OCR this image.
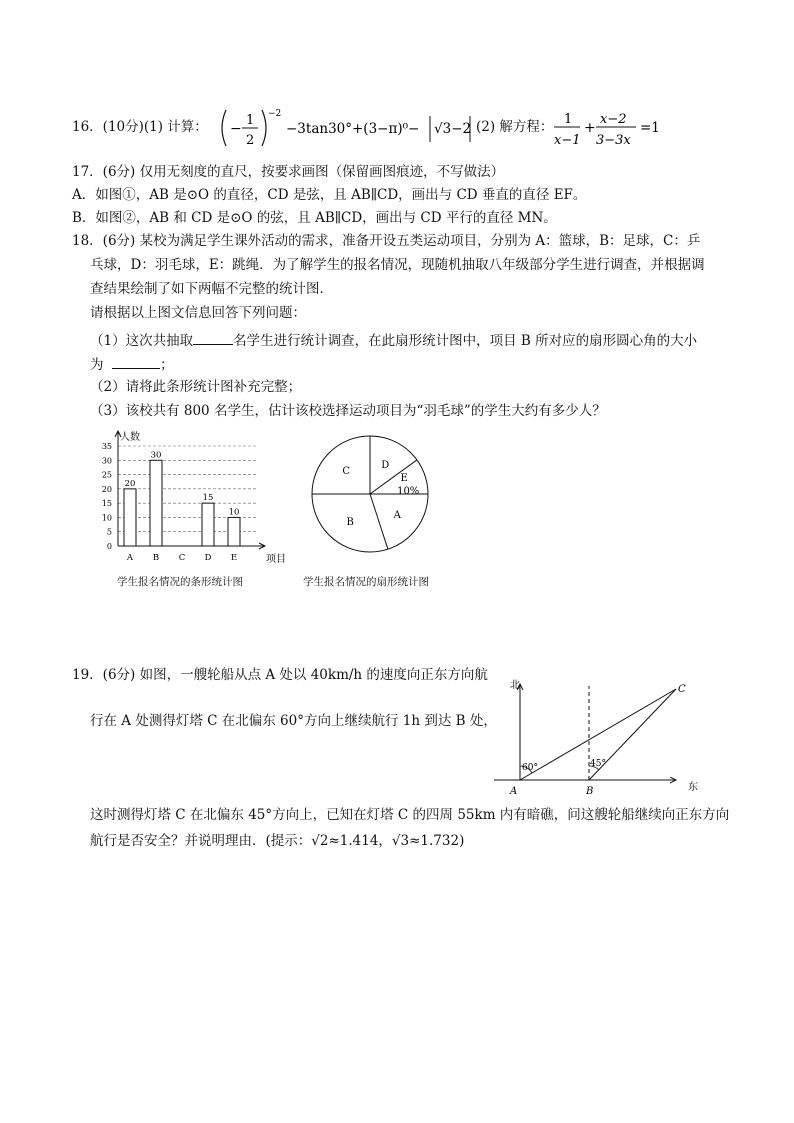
16．(10分)(1) 计算： −
1
2
−2
−3tan30°+(3−π)⁰− √3−2 (2) 解方程： 1
x−1
+
x−2
3−3x
=1
17．(6分) 仅用无刻度的直尺，按要求画图（保留画图痕迹，不写做法）
A．如图①，AB 是⊙O 的直径，CD 是弦，且 AB∥CD，画出与 CD 垂直的直径 EF。
B．如图②，AB 和 CD 是⊙O 的弦，且 AB∥CD，画出与 CD 平行的直径 MN。
18．(6分) 某校为满足学生课外活动的需求，准备开设五类运动项目，分别为 A：篮球，B：足球，C：乒
乓球，D：羽毛球，E：跳绳．为了解学生的报名情况，现随机抽取八年级部分学生进行调查，并根据调
查结果绘制了如下两幅不完整的统计图．
请根据以上图文信息回答下列问题：
（1）这次共抽取	名学生进行统计调查，在此扇形统计图中，项目 B 所对应的扇形圆心角的大小
为	；
（2）请将此条形统计图补充完整；
（3）该校共有 800 名学生，估计该校选择运动项目为“羽毛球”的学生大约有多少人？
0
5
10
15
20
25
30
35
人数
项目
A
20
B
30
C D
15
E
10
学生报名情况的条形统计图
D
E
10%
A
B
C
学生报名情况的扇形统计图
19．(6分) 如图，一艘轮船从点 A 处以 40km/h 的速度向正东方向航
行在 A 处测得灯塔 C 在北偏东 60°方向上继续航行 1h 到达 B 处，
这时测得灯塔 C 在北偏东 45°方向上，已知在灯塔 C 的四周 55km 内有暗礁，问这艘轮船继续向正东方向
航行是否安全？并说明理由．(提示：√2≈1.414，√3≈1.732)
北
东
A	B
C
60°	45°
